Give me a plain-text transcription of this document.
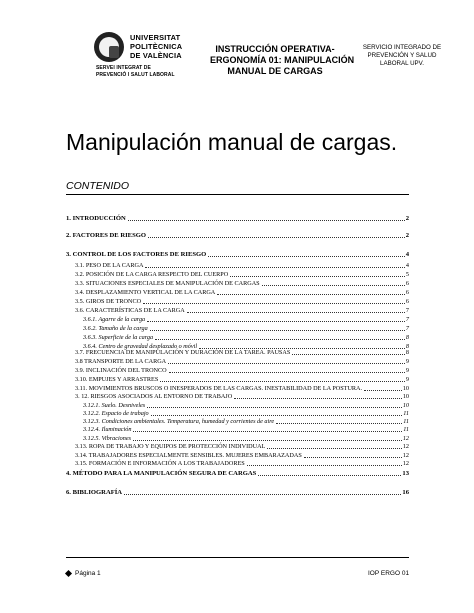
UNIVERSITAT
POLITÈCNICA
DE VALÈNCIA
SERVEI INTEGRAT DE
PREVENCIÓ I SALUT LABORAL
INSTRUCCIÓN OPERATIVA-
ERGONOMÍA 01: MANIPULACIÓN
MANUAL DE CARGAS
SERVICIO INTEGRADO DE
PREVENCIÓN Y SALUD
LABORAL UPV.
Manipulación manual de cargas.
CONTENIDO
1. INTRODUCCIÓN	2
2. FACTORES DE RIESGO	2
3. CONTROL DE LOS FACTORES DE RIESGO	4
3.1. PESO DE LA CARGA	4
3.2. POSICIÓN DE LA CARGA RESPECTO DEL CUERPO	5
3.3. SITUACIONES ESPECIALES DE MANIPULACIÓN DE CARGAS	6
3.4. DESPLAZAMIENTO VERTICAL DE LA CARGA	6
3.5. GIROS DE TRONCO	6
3.6. CARACTERÍSTICAS DE LA CARGA	7
3.6.1. Agarre de la carga	7
3.6.2. Tamaño de la carga	7
3.6.3. Superficie de la carga	8
3.6.4. Centro de gravedad desplazado o móvil	8
3.7. FRECUENCIA DE MANIPULACIÓN Y DURACIÓN DE LA TAREA. PAUSAS	8
3.8 TRANSPORTE DE LA CARGA	9
3.9. INCLINACIÓN DEL TRONCO	9
3.10. EMPUJES Y ARRASTRES	9
3.11. MOVIMIENTOS BRUSCOS O INESPERADOS DE LAS CARGAS. INESTABILIDAD DE LA POSTURA.	10
3. 12. RIESGOS ASOCIADOS AL ENTORNO DE TRABAJO	10
3.12.1. Suelo. Desniveles	10
3.12.2. Espacio de trabajo	11
3.12.3. Condiciones ambientales. Temperatura, humedad y corrientes de aire	11
3.12.4. Iluminación	11
3.12.5. Vibraciones	12
3.13. ROPA DE TRABAJO Y EQUIPOS DE PROTECCIÓN INDIVIDUAL	12
3.14. TRABAJADORES ESPECIALMENTE SENSIBLES. MUJERES EMBARAZADAS	12
3.15. FORMACIÓN E INFORMACIÓN A LOS TRABAJADORES	12
4. MÉTODO PARA LA MANIPULACIÓN SEGURA DE CARGAS	13
6. BIBLIOGRAFÍA	16
Página 1	IOP ERGO 01
